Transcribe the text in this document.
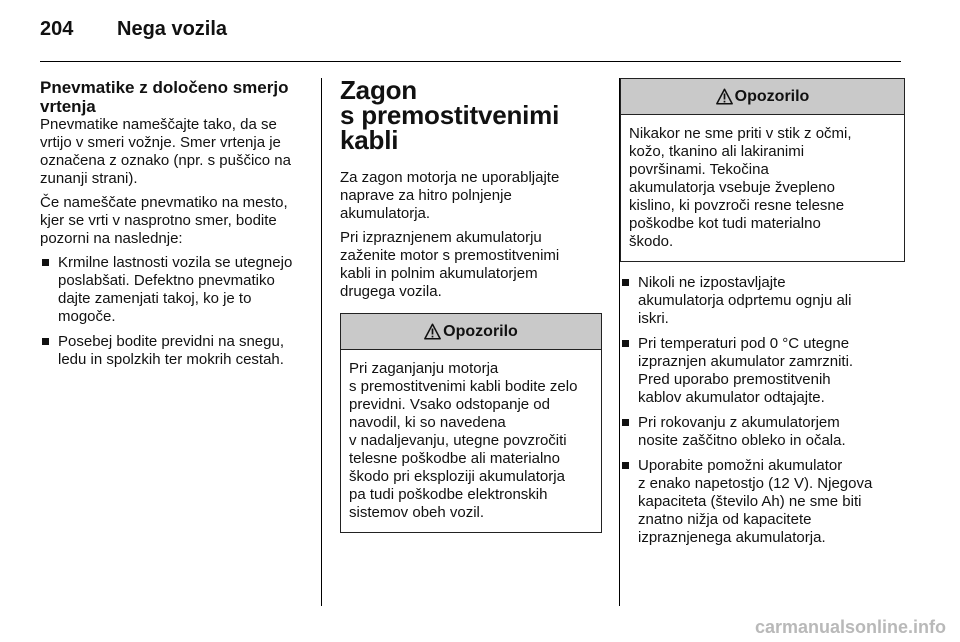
204 Nega vozila
Pnevmatike z določeno smerjo vrtenja

Pnevmatike nameščajte tako, da se
vrtijo v smeri vožnje. Smer vrtenja je
označena z oznako (npr. s puščico na
zunanji strani).

Če nameščate pnevmatiko na mesto,
kjer se vrti v nasprotno smer, bodite
pozorni na naslednje:

Krmilne lastnosti vozila se utegnejo
poslabšati. Defektno pnevmatiko
dajte zamenjati takoj, ko je to
mogoče.
Posebej bodite previdni na snegu,
ledu in spolzkih ter mokrih cestah.
Zagon
s premostitvenimi kabli

Za zagon motorja ne uporabljajte
naprave za hitro polnjenje
akumulatorja.

Pri izpraznjenem akumulatorju
zaženite motor s premostitvenimi
kabli in polnim akumulatorjem
drugega vozila.

Opozorilo
Pri zaganjanju motorja
s premostitvenimi kabli bodite zelo
previdni. Vsako odstopanje od
navodil, ki so navedena
v nadaljevanju, utegne povzročiti
telesne poškodbe ali materialno
škodo pri eksploziji akumulatorja
pa tudi poškodbe elektronskih
sistemov obeh vozil.
Opozorilo
Nikakor ne sme priti v stik z očmi,
kožo, tkanino ali lakiranimi
površinami. Tekočina
akumulatorja vsebuje žvepleno
kislino, ki povzroči resne telesne
poškodbe kot tudi materialno
škodo.
Nikoli ne izpostavljajte
akumulatorja odprtemu ognju ali
iskri.
Pri temperaturi pod 0 °C utegne
izpraznjen akumulator zamrzniti.
Pred uporabo premostitvenih
kablov akumulator odtajajte.
Pri rokovanju z akumulatorjem
nosite zaščitno obleko in očala.
Uporabite pomožni akumulator
z enako napetostjo (12 V). Njegova
kapaciteta (število Ah) ne sme biti
znatno nižja od kapacitete
izpraznjenega akumulatorja.
carmanualsonline.info
